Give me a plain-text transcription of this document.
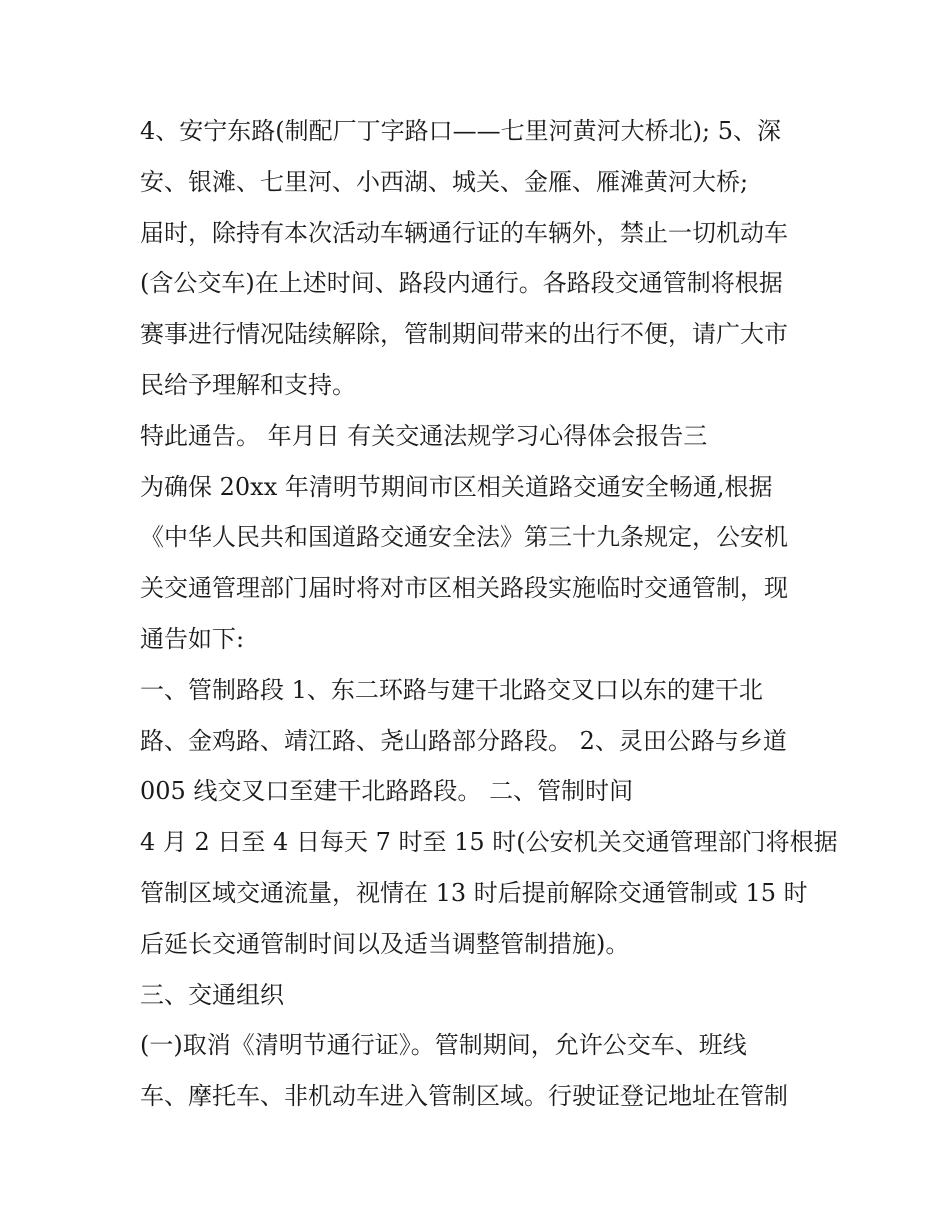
4、安宁东路(制配厂丁字路口——七里河黄河大桥北); 5、深
安、银滩、七里河、小西湖、城关、金雁、雁滩黄河大桥;
届时，除持有本次活动车辆通行证的车辆外，禁止一切机动车
(含公交车)在上述时间、路段内通行。各路段交通管制将根据
赛事进行情况陆续解除，管制期间带来的出行不便，请广大市
民给予理解和支持。
特此通告。 年月日 有关交通法规学习心得体会报告三
为确保 20xx 年清明节期间市区相关道路交通安全畅通,根据
《中华人民共和国道路交通安全法》第三十九条规定，公安机
关交通管理部门届时将对市区相关路段实施临时交通管制，现
通告如下:
一、管制路段 1、东二环路与建干北路交叉口以东的建干北
路、金鸡路、靖江路、尧山路部分路段。 2、灵田公路与乡道
005 线交叉口至建干北路路段。 二、管制时间
4 月 2 日至 4 日每天 7 时至 15 时(公安机关交通管理部门将根据
管制区域交通流量，视情在 13 时后提前解除交通管制或 15 时
后延长交通管制时间以及适当调整管制措施)。
三、交通组织
(一)取消《清明节通行证》。管制期间，允许公交车、班线
车、摩托车、非机动车进入管制区域。行驶证登记地址在管制
